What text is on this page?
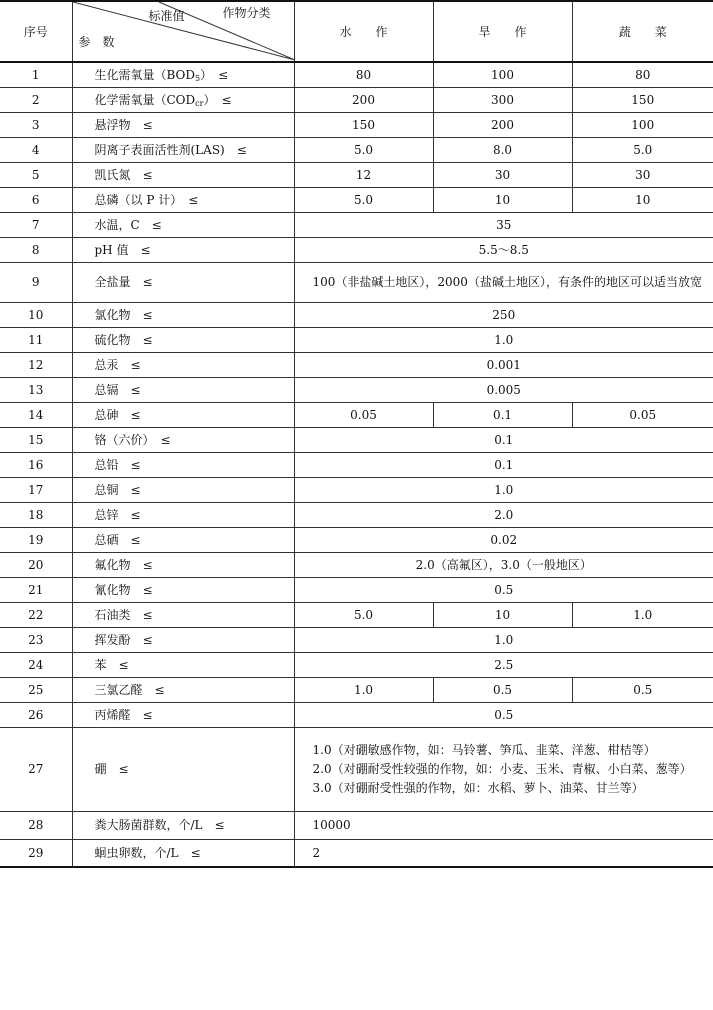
序号	标准值 作物分类
参　数	水　　作	旱　　作	蔬　　菜
1	生化需氧量$(BOD_5)$　≤	80	100	80
2	化学需氧量$(COD_{cr})$　≤	200	300	150
3	悬浮物　≤	150	200	100
4	阴离子表面活性剂(LAS)　≤	5.0	8.0	5.0
5	凯氏氮　≤	12	30	30
6	总磷（以 P 计）　≤	5.0	10	10
7	水温，C　≤	35		
8	pH 值　≤	5.5～8.5		
9	全盐量　≤	100（非盐碱土地区），2000（盐碱土地区），有条件的地区可以适当放宽		
10	氯化物　≤	250		
11	硫化物　≤	1.0		
12	总汞　≤	0.001		
13	总镉　≤	0.005		
14	总砷　≤	0.05	0.1	0.05
15	铬（六价）　≤	0.1		
16	总铅　≤	0.1		
17	总铜　≤	1.0		
18	总锌　≤	2.0		
19	总硒　≤	0.02		
20	氟化物　≤	2.0（高氟区），3.0（一般地区）		
21	氰化物　≤	0.5		
22	石油类　≤	5.0	10	1.0
23	挥发酚　≤	1.0		
24	苯　≤	2.5		
25	三氯乙醛　≤	1.0	0.5	0.5
26	丙烯醛　≤	0.5		
27	硼　≤	1.0（对硼敏感作物，如：马铃薯、笋瓜、韭菜、洋葱、柑桔等）

2.0（对硼耐受性较强的作物，如：小麦、玉米、青椒、小白菜、葱等）

3.0（对硼耐受性强的作物，如：水稻、萝卜、油菜、甘兰等）		

28	粪大肠菌群数，个/L　≤	10000		
29	蛔虫卵数，个/L　≤	2		
